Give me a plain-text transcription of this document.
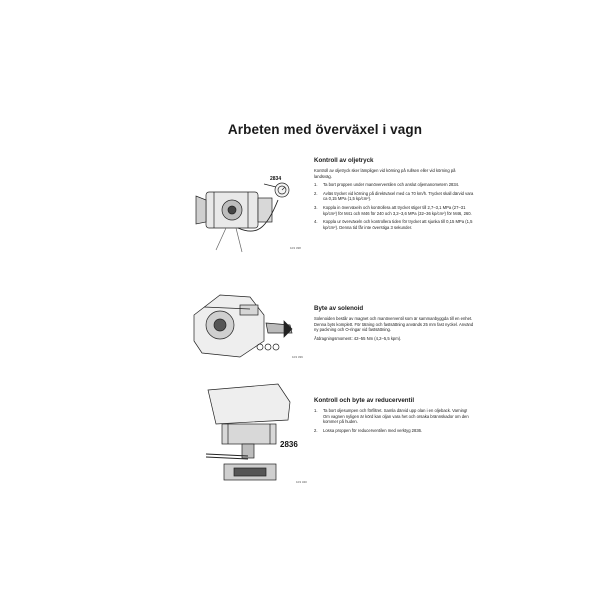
Arbeten med överväxel i vagn
2834
103 338
103 339
2836
103 340
Kontroll av oljetryck

Kontroll av oljetryck sker lämpligen vid körning på rullsen eller vid körning på landsväg.

1. Ta bort proppen under manöverventilen och anslut oljemanometern 2834.
2. Avläs trycket vid körning på direktväxel med ca 70 km/h. Trycket skall därvid vara ca 0,15 MPa (1,5 kp/cm²).
3. Koppla in överväxeln och kontrollera att trycket stiger till 2,7–3,1 MPa (27–31 kp/cm²) för M41 och M46 för 240 och 3,2–3,6 MPa (32–36 kp/cm²) för M46, 260.
4. Koppla ur överväxeln och kontrollera tiden för trycket att sjunka till 0,15 MPa (1,5 kp/cm²). Denna tid får inte överstiga 3 sekunder.
Byte av solenoid

Solenoiden består av magnet och manöverventil som är sammanbyggda till en enhet. Denna byts komplett. För tätning och fastsättning används 25 mm fast nyckel. Använd ny packning och O-ringar vid fastsättning.

Åtdragningsmoment: 42–55 Nm (4,2–5,5 kpm).

Kontroll och byte av reducerventil
1. Ta bort oljesumpen och förfiltret. Samla därvid upp olan i en oljeback. Varning! Om vagnen nyligen är körd kan oljan vara het och orsaka brännskador om den kommer på huden.
2. Lossa proppen för reducerventilen med verktyg 2836.
